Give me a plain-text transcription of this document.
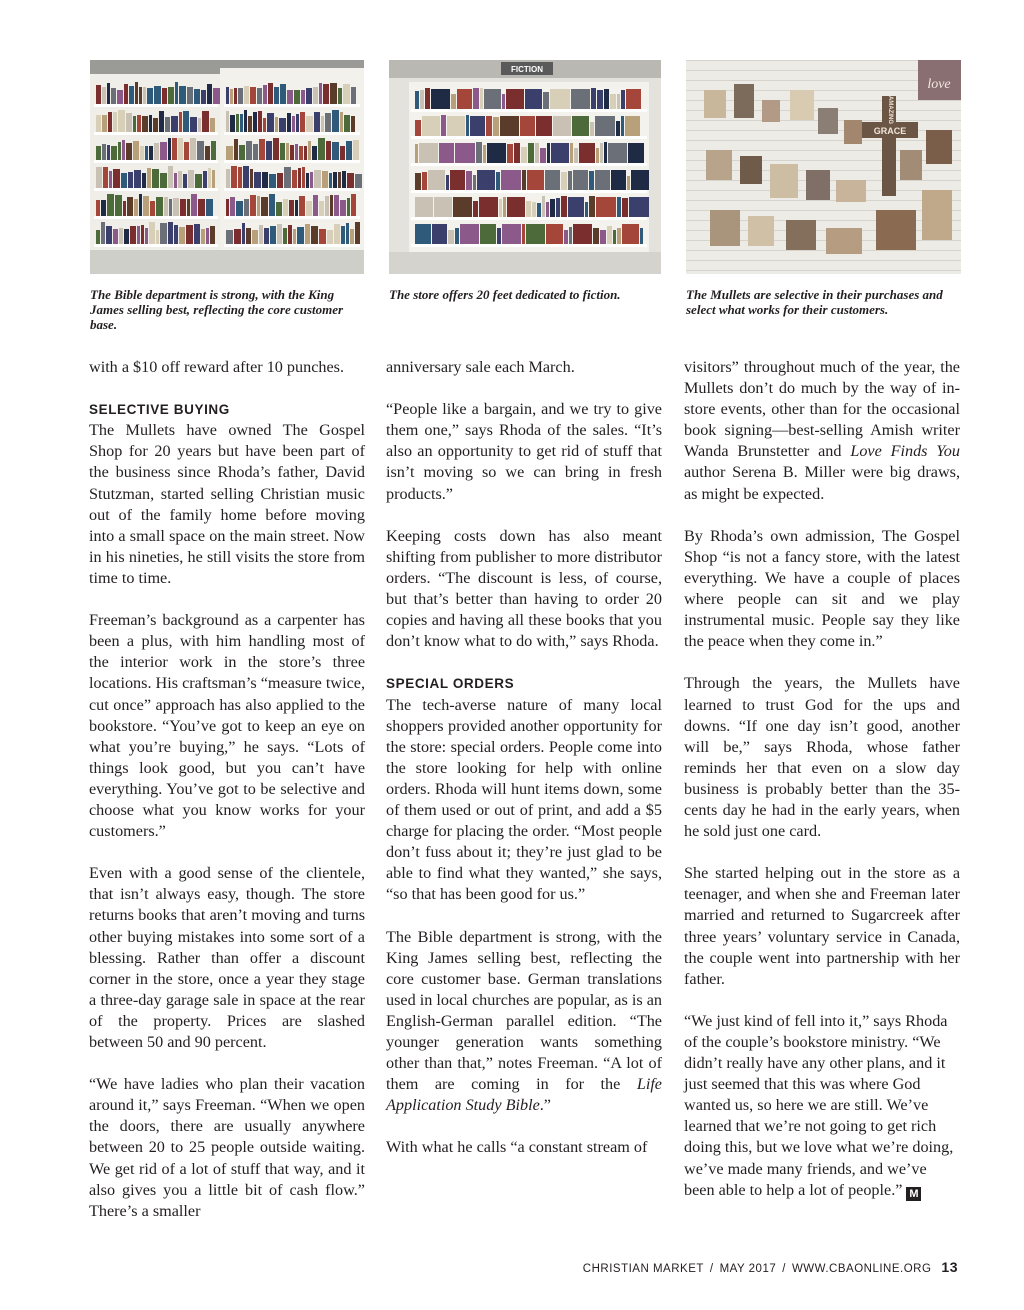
FICTION
love
GRACE
AMAZING
The Bible department is strong, with the King James selling best, reflecting the core customer base.
The store offers 20 feet dedicated to fiction.	The Mullets are selective in their purchases and select what works for their customers.

with a $10 off reward after 10 punches.

SELECTIVE BUYING

The Mullets have owned The Gospel Shop for 20 years but have been part of the business since Rhoda’s father, David Stutzman, started selling Christian music out of the family home before moving into a small space on the main street. Now in his nineties, he still visits the store from time to time.

Freeman’s background as a carpenter has been a plus, with him handling most of the interior work in the store’s three locations. His craftsman’s “measure twice, cut once” approach has also applied to the bookstore. “You’ve got to keep an eye on what you’re buying,” he says. “Lots of things look good, but you can’t have everything. You’ve got to be selective and choose what you know works for your customers.”

Even with a good sense of the clientele, that isn’t always easy, though. The store returns books that aren’t moving and turns other buying mistakes into some sort of a blessing. Rather than offer a discount corner in the store, once a year they stage a three-day garage sale in space at the rear of the property. Prices are slashed between 50 and 90 percent.

“We have ladies who plan their vacation around it,” says Freeman. “When we open the doors, there are usually anywhere between 20 to 25 people outside waiting. We get rid of a lot of stuff that way, and it also gives you a little bit of cash flow.” There’s a smaller

anniversary sale each March.

“People like a bargain, and we try to give them one,” says Rhoda of the sales. “It’s also an opportunity to get rid of stuff that isn’t moving so we can bring in fresh products.”

Keeping costs down has also meant shifting from publisher to more distributor orders. “The discount is less, of course, but that’s better than having to order 20 copies and having all these books that you don’t know what to do with,” says Rhoda.

SPECIAL ORDERS

The tech-averse nature of many local shoppers provided another opportunity for the store: special orders. People come into the store looking for help with online orders. Rhoda will hunt items down, some of them used or out of print, and add a $5 charge for placing the order. “Most people don’t fuss about it; they’re just glad to be able to find what they wanted,” she says, “so that has been good for us.”

The Bible department is strong, with the King James selling best, reflecting the core customer base. German translations used in local churches are popular, as is an English-German parallel edition. “The younger generation wants something other than that,” notes Freeman. “A lot of them are coming in for the Life Application Study Bible.”

With what he calls “a constant stream of

visitors” throughout much of the year, the Mullets don’t do much by the way of in-store events, other than for the occasional book signing—best-selling Amish writer Wanda Brunstetter and Love Finds You author Serena B. Miller were big draws, as might be expected.

By Rhoda’s own admission, The Gospel Shop “is not a fancy store, with the latest everything. We have a couple of places where people can sit and we play instrumental music. People say they like the peace when they come in.”

Through the years, the Mullets have learned to trust God for the ups and downs. “If one day isn’t good, another will be,” says Rhoda, whose father reminds her that even on a slow day business is probably better than the 35-cents day he had in the early years, when he sold just one card.

She started helping out in the store as a teenager, and when she and Freeman later married and returned to Sugarcreek after three years’ voluntary service in Canada, the couple went into partnership with her father.

“We just kind of fell into it,” says Rhoda of the couple’s bookstore ministry. “We didn’t really have any other plans, and it just seemed that this was where God wanted us, so here we are still. We’ve learned that we’re not going to get rich doing this, but we love what we’re doing, we’ve made many friends, and we’ve been able to help a lot of people.” M

CHRISTIAN MARKET / MAY 2017 / WWW.CBAONLINE.ORG 13
